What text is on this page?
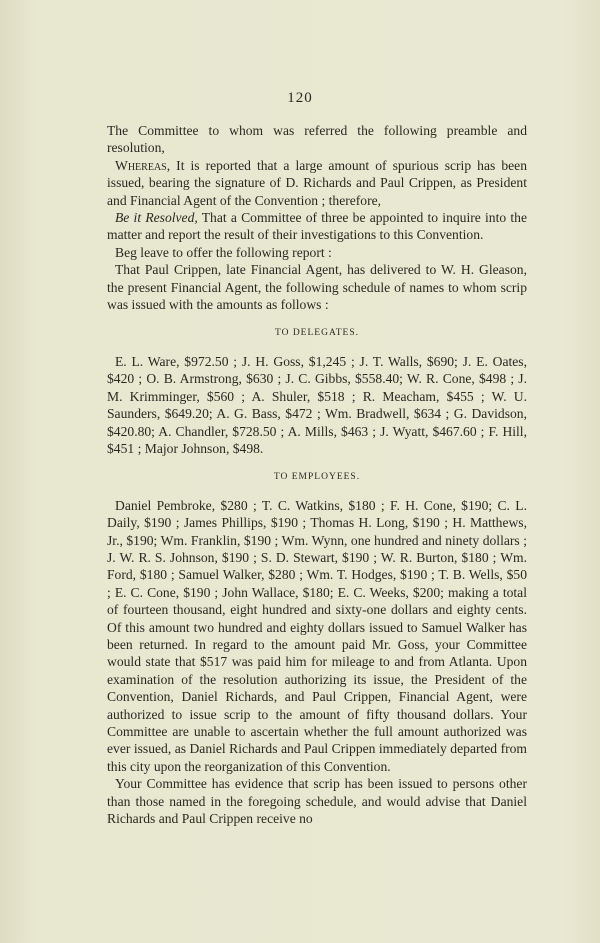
120

The Committee to whom was referred the following preamble and resolution,

Whereas, It is reported that a large amount of spurious scrip has been issued, bearing the signature of D. Richards and Paul Crippen, as President and Financial Agent of the Convention ; therefore,

Be it Resolved, That a Committee of three be appointed to inquire into the matter and report the result of their investigations to this Convention.

Beg leave to offer the following report :

That Paul Crippen, late Financial Agent, has delivered to W. H. Gleason, the present Financial Agent, the following schedule of names to whom scrip was issued with the amounts as follows :

TO DELEGATES.

E. L. Ware, $972.50 ; J. H. Goss, $1,245 ; J. T. Walls, $690; J. E. Oates, $420 ; O. B. Armstrong, $630 ; J. C. Gibbs, $558.40; W. R. Cone, $498 ; J. M. Krimminger, $560 ; A. Shuler, $518 ; R. Meacham, $455 ; W. U. Saunders, $649.20; A. G. Bass, $472 ; Wm. Bradwell, $634 ; G. Davidson, $420.80; A. Chandler, $728.50 ; A. Mills, $463 ; J. Wyatt, $467.60 ; F. Hill, $451 ; Major Johnson, $498.

TO EMPLOYEES.

Daniel Pembroke, $280 ; T. C. Watkins, $180 ; F. H. Cone, $190; C. L. Daily, $190 ; James Phillips, $190 ; Thomas H. Long, $190 ; H. Matthews, Jr., $190; Wm. Franklin, $190 ; Wm. Wynn, one hundred and ninety dollars ; J. W. R. S. Johnson, $190 ; S. D. Stewart, $190 ; W. R. Burton, $180 ; Wm. Ford, $180 ; Samuel Walker, $280 ; Wm. T. Hodges, $190 ; T. B. Wells, $50 ; E. C. Cone, $190 ; John Wallace, $180; E. C. Weeks, $200; making a total of fourteen thousand, eight hundred and sixty-one dollars and eighty cents. Of this amount two hundred and eighty dollars issued to Samuel Walker has been returned. In regard to the amount paid Mr. Goss, your Committee would state that $517 was paid him for mileage to and from Atlanta. Upon examination of the resolution authorizing its issue, the President of the Convention, Daniel Richards, and Paul Crippen, Financial Agent, were authorized to issue scrip to the amount of fifty thousand dollars. Your Committee are unable to ascertain whether the full amount authorized was ever issued, as Daniel Richards and Paul Crippen immediately departed from this city upon the reorganization of this Convention.

Your Committee has evidence that scrip has been issued to persons other than those named in the foregoing schedule, and would advise that Daniel Richards and Paul Crippen receive no
